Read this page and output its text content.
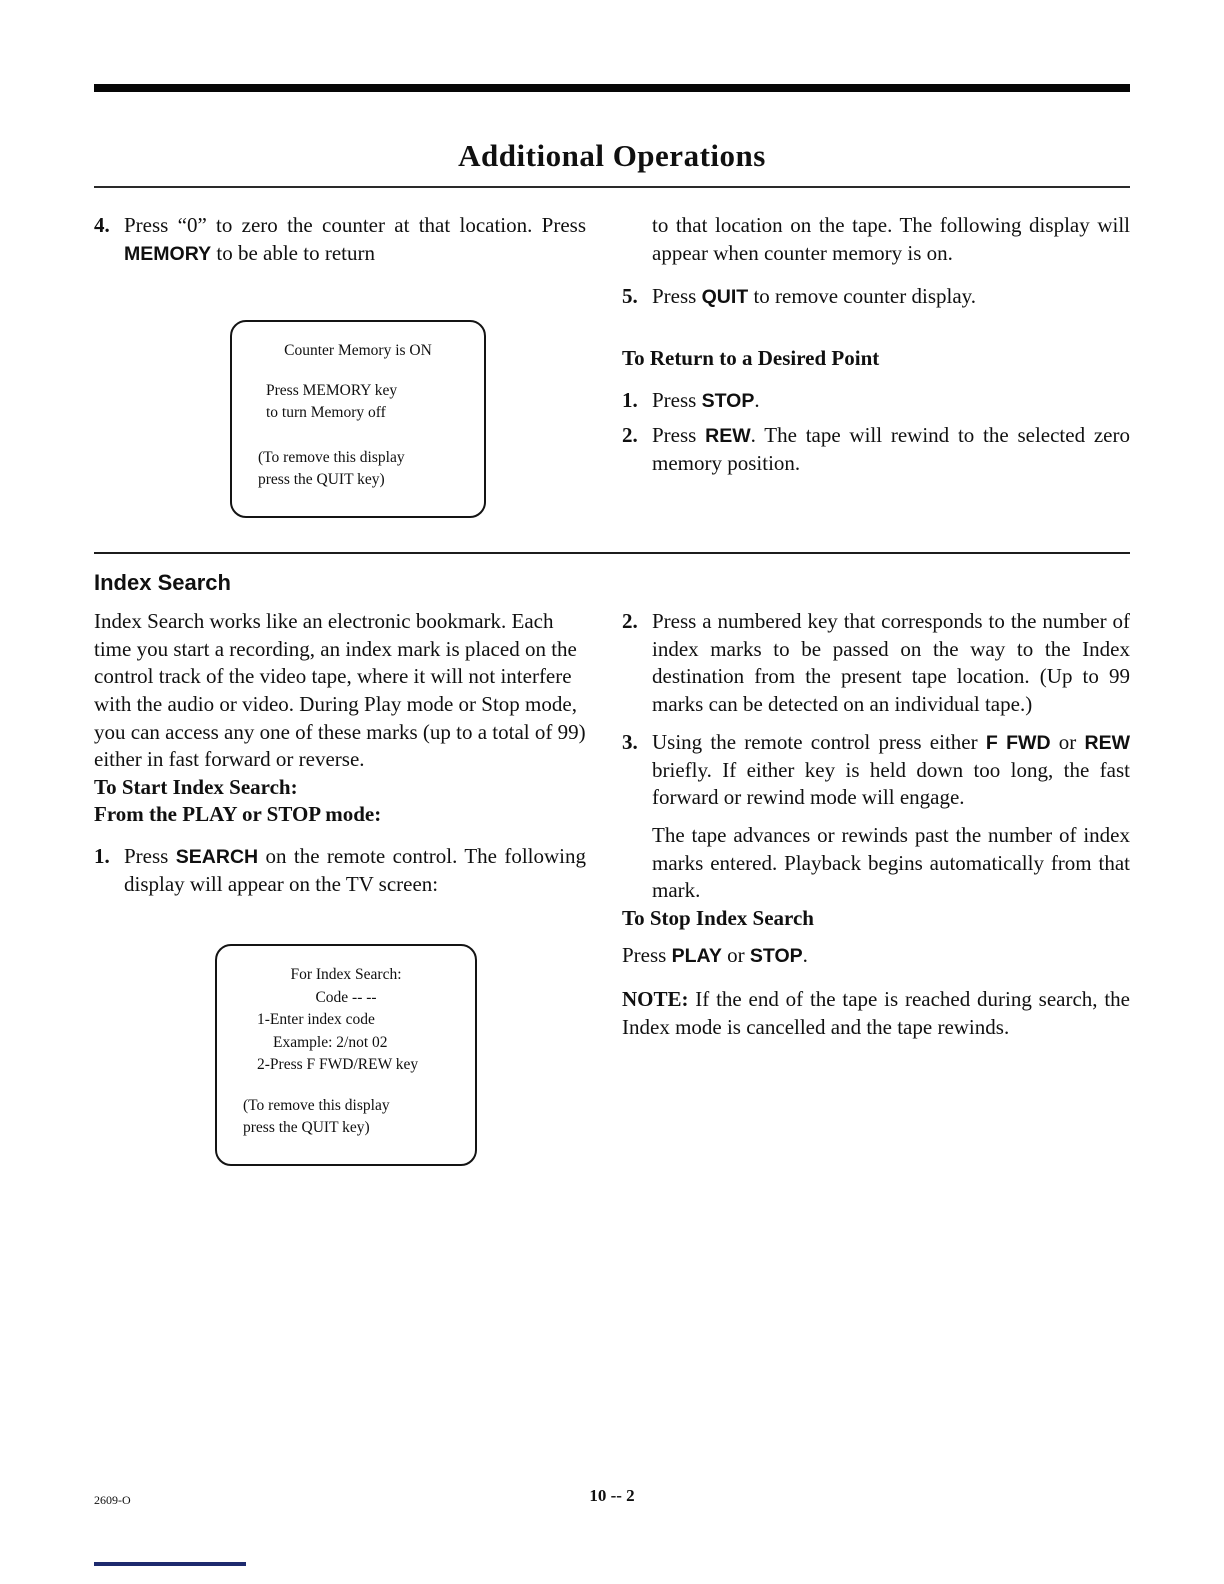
Additional Operations
4. Press “0” to zero the counter at that location. Press MEMORY to be able to return

Counter Memory is ON

Press MEMORY key

to turn Memory off

(To remove this display

press the QUIT key)

to that location on the tape. The following display will appear when counter memory is on.

5. Press QUIT to remove counter display.

To Return to a Desired Point
1. Press STOP.

2. Press REW. The tape will rewind to the selected zero memory position.

Index Search

Index Search works like an electronic bookmark. Each time you start a recording, an index mark is placed on the control track of the video tape, where it will not interfere with the audio or video. During Play mode or Stop mode, you can access any one of these marks (up to a total of 99) either in fast forward or reverse.

To Start Index Search:

From the PLAY or STOP mode:

1. Press SEARCH on the remote control. The following display will appear on the TV screen:

For Index Search:

Code -- --

1-Enter index code

Example: 2/not 02

2-Press F FWD/REW key

(To remove this display

press the QUIT key)

2. Press a numbered key that corresponds to the number of index marks to be passed on the way to the Index destination from the present tape location. (Up to 99 marks can be detected on an individual tape.)

3. Using the remote control press either F FWD or REW briefly. If either key is held down too long, the fast forward or rewind mode will engage.

The tape advances or rewinds past the number of index marks entered. Playback begins automatically from that mark.

To Stop Index Search

Press PLAY or STOP.

NOTE: If the end of the tape is reached during search, the Index mode is cancelled and the tape rewinds.

2609-O	10 -- 2
